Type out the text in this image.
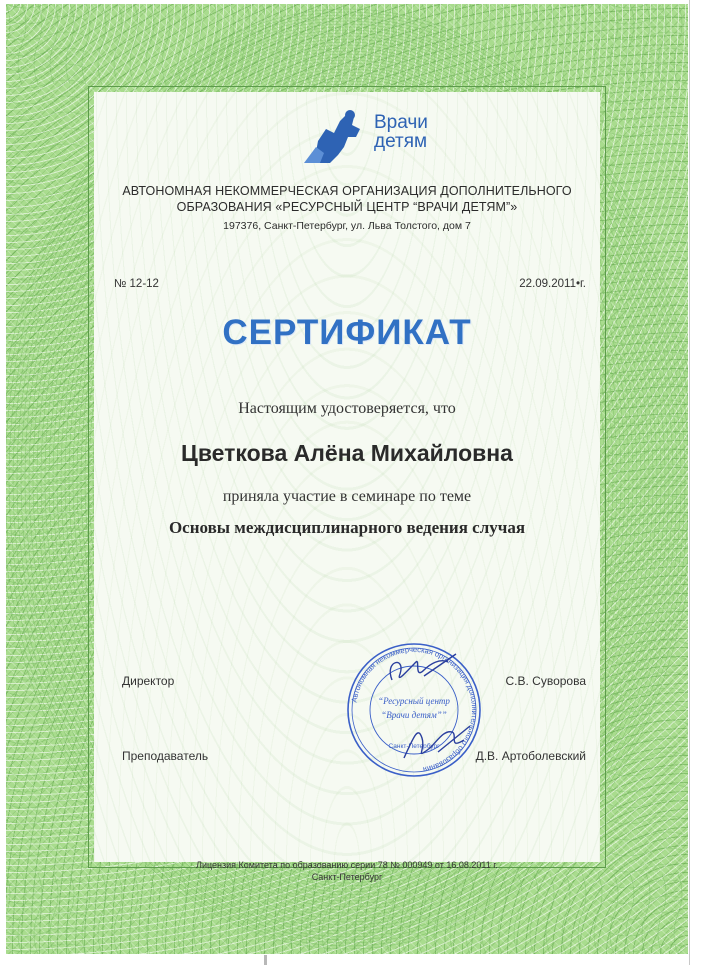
Врачи
детям
АВТОНОМНАЯ НЕКОММЕРЧЕСКАЯ ОРГАНИЗАЦИЯ ДОПОЛНИТЕЛЬНОГО
ОБРАЗОВАНИЯ «РЕСУРСНЫЙ ЦЕНТР “ВРАЧИ ДЕТЯМ”»
197376, Санкт-Петербург, ул. Льва Толстого, дом 7
№ 12-12	22.09.2011•г.
СЕРТИФИКАТ
Настоящим удостоверяется, что
Цветкова Алёна Михайловна
приняла участие в семинаре по теме
Основы междисциплинарного ведения случая
Директор	С.В. Суворова
Преподаватель	Д.В. Артоболевский
Автономная некоммерческая организация дополнительного образования
“Ресурсный центр
“Врачи детям””
Санкт-Петербург
Лицензия Комитета по образованию серии 78 № 000949 от 16.08.2011 г.
Санкт-Петербург
